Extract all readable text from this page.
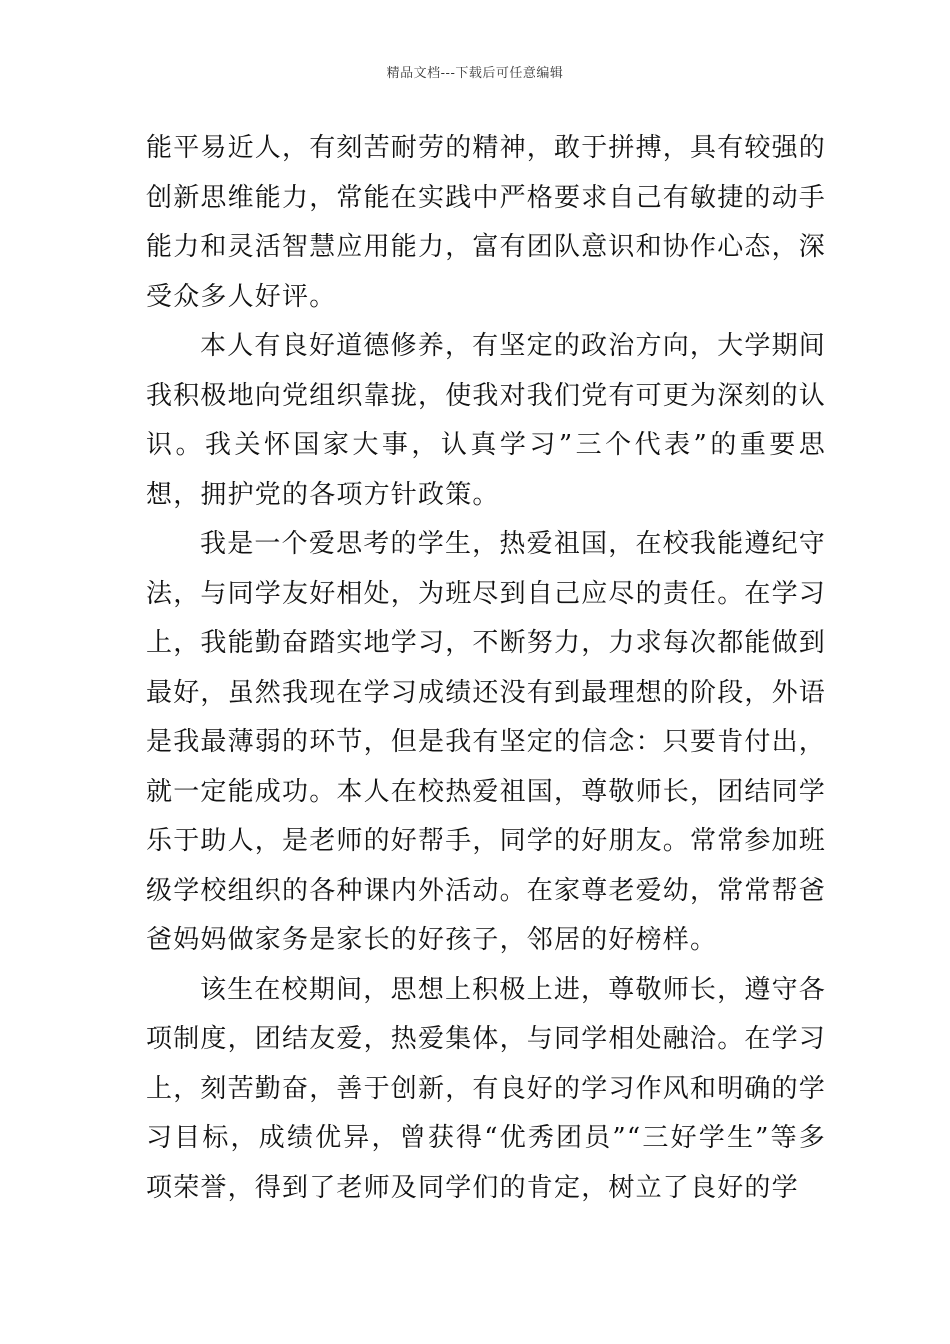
精品文档---下载后可任意编辑

能平易近人，有刻苦耐劳的精神，敢于拼搏，具有较强的创新思维能力，常能在实践中严格要求自己有敏捷的动手能力和灵活智慧应用能力，富有团队意识和协作心态，深受众多人好评。

本人有良好道德修养，有坚定的政治方向，大学期间我积极地向党组织靠拢，使我对我们党有可更为深刻的认识。我关怀国家大事，认真学习”三个代表”的重要思想，拥护党的各项方针政策。

我是一个爱思考的学生，热爱祖国，在校我能遵纪守法，与同学友好相处，为班尽到自己应尽的责任。在学习上，我能勤奋踏实地学习，不断努力，力求每次都能做到最好，虽然我现在学习成绩还没有到最理想的阶段，外语是我最薄弱的环节，但是我有坚定的信念：只要肯付出，就一定能成功。本人在校热爱祖国，尊敬师长，团结同学乐于助人，是老师的好帮手，同学的好朋友。常常参加班级学校组织的各种课内外活动。在家尊老爱幼，常常帮爸爸妈妈做家务是家长的好孩子，邻居的好榜样。

该生在校期间，思想上积极上进，尊敬师长，遵守各项制度，团结友爱，热爱集体，与同学相处融洽。在学习上，刻苦勤奋，善于创新，有良好的学习作风和明确的学习目标，成绩优异，曾获得“优秀团员”“三好学生”等多项荣誉，得到了老师及同学们的肯定，树立了良好的学
